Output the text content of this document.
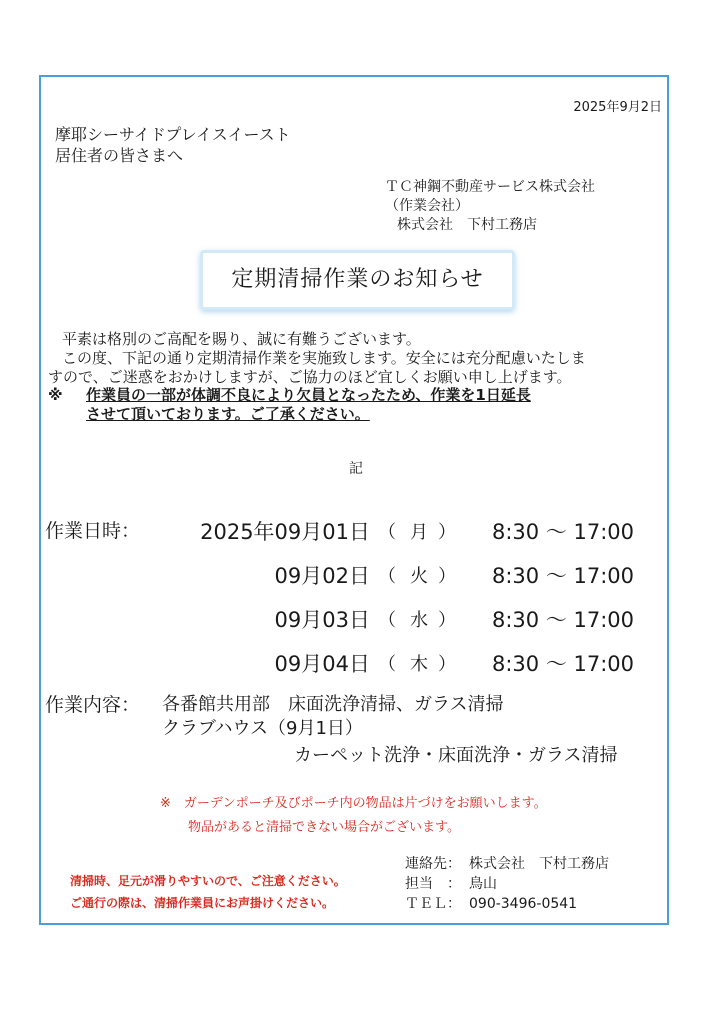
2025年9月2日
摩耶シーサイドプレイスイースト
居住者の皆さまへ
ＴＣ神鋼不動産サービス株式会社
（作業会社）
株式会社　下村工務店
定期清掃作業のお知らせ
平素は格別のご高配を賜り、誠に有難うございます。
この度、下記の通り定期清掃作業を実施致します。安全には充分配慮いたしま
すので、ご迷惑をおかけしますが、ご協力のほど宜しくお願い申し上げます。
※ 作業員の一部が体調不良により欠員となったため、作業を1日延長
させて頂いております。ご了承ください。
記
作業日時：	2025年09月01日 （ 月 ） 8:30 ～ 17:00
09月02日 （ 火 ） 8:30 ～ 17:00
09月03日 （ 水 ） 8:30 ～ 17:00
09月04日 （ 木 ） 8:30 ～ 17:00
作業内容： 各番館共用部　床面洗浄清掃、ガラス清掃
クラブハウス（9月1日）
カーペット洗浄・床面洗浄・ガラス清掃
※　ガーデンポーチ及びポーチ内の物品は片づけをお願いします。
物品があると清掃できない場合がございます。
清掃時、足元が滑りやすいので、ご注意ください。
ご通行の際は、清掃作業員にお声掛けください。
連絡先： 株式会社　下村工務店
担当　： 鳥山
ＴＥＬ： 090-3496-0541
